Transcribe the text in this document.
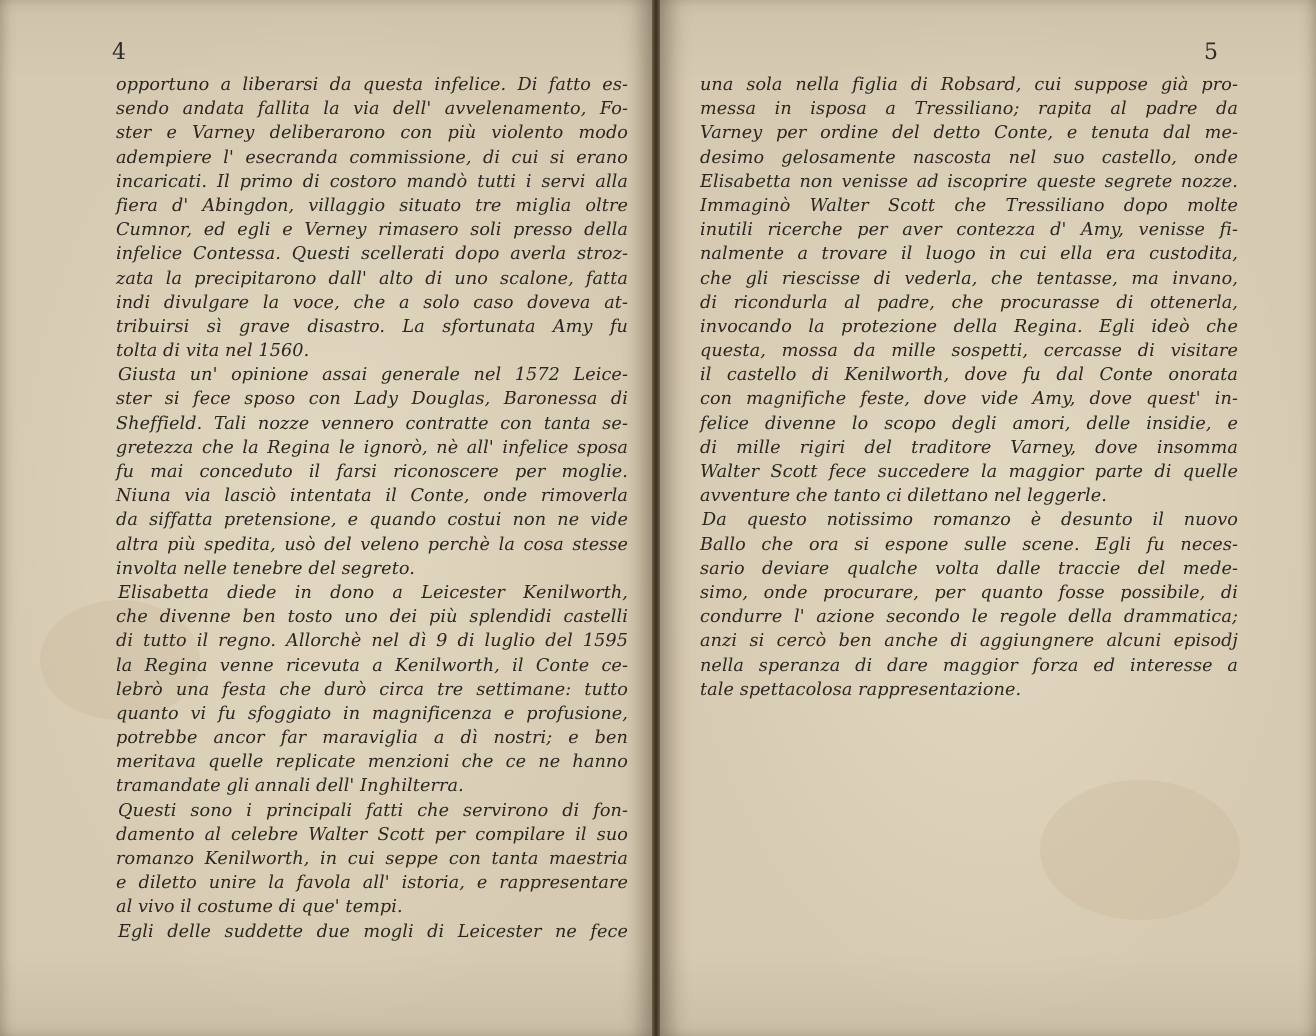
4
opportuno a liberarsi da questa infelice. Di fatto es-
sendo andata fallita la via dell' avvelenamento, Fo-
ster e Varney deliberarono con più violento modo
adempiere l' esecranda commissione, di cui si erano
incaricati. Il primo di costoro mandò tutti i servi alla
fiera d' Abingdon, villaggio situato tre miglia oltre
Cumnor, ed egli e Verney rimasero soli presso della
infelice Contessa. Questi scellerati dopo averla stroz-
zata la precipitarono dall' alto di uno scalone, fatta
indi divulgare la voce, che a solo caso doveva at-
tribuirsi sì grave disastro. La sfortunata Amy fu
tolta di vita nel 1560.
Giusta un' opinione assai generale nel 1572 Leice-
ster si fece sposo con Lady Douglas, Baronessa di
Sheffield. Tali nozze vennero contratte con tanta se-
gretezza che la Regina le ignorò, nè all' infelice sposa
fu mai conceduto il farsi riconoscere per moglie.
Niuna via lasciò intentata il Conte, onde rimoverla
da siffatta pretensione, e quando costui non ne vide
altra più spedita, usò del veleno perchè la cosa stesse
involta nelle tenebre del segreto.
Elisabetta diede in dono a Leicester Kenilworth,
che divenne ben tosto uno dei più splendidi castelli
di tutto il regno. Allorchè nel dì 9 di luglio del 1595
la Regina venne ricevuta a Kenilworth, il Conte ce-
lebrò una festa che durò circa tre settimane: tutto
quanto vi fu sfoggiato in magnificenza e profusione,
potrebbe ancor far maraviglia a dì nostri; e ben
meritava quelle replicate menzioni che ce ne hanno
tramandate gli annali dell' Inghilterra.
Questi sono i principali fatti che servirono di fon-
damento al celebre Walter Scott per compilare il suo
romanzo Kenilworth, in cui seppe con tanta maestria
e diletto unire la favola all' istoria, e rappresentare
al vivo il costume di que' tempi.
Egli delle suddette due mogli di Leicester ne fece
5
una sola nella figlia di Robsard, cui suppose già pro-
messa in isposa a Tressiliano; rapita al padre da
Varney per ordine del detto Conte, e tenuta dal me-
desimo gelosamente nascosta nel suo castello, onde
Elisabetta non venisse ad iscoprire queste segrete nozze.
Immaginò Walter Scott che Tressiliano dopo molte
inutili ricerche per aver contezza d' Amy, venisse fi-
nalmente a trovare il luogo in cui ella era custodita,
che gli riescisse di vederla, che tentasse, ma invano,
di ricondurla al padre, che procurasse di ottenerla,
invocando la protezione della Regina. Egli ideò che
questa, mossa da mille sospetti, cercasse di visitare
il castello di Kenilworth, dove fu dal Conte onorata
con magnifiche feste, dove vide Amy, dove quest' in-
felice divenne lo scopo degli amori, delle insidie, e
di mille rigiri del traditore Varney, dove insomma
Walter Scott fece succedere la maggior parte di quelle
avventure che tanto ci dilettano nel leggerle.
Da questo notissimo romanzo è desunto il nuovo
Ballo che ora si espone sulle scene. Egli fu neces-
sario deviare qualche volta dalle traccie del mede-
simo, onde procurare, per quanto fosse possibile, di
condurre l' azione secondo le regole della drammatica;
anzi si cercò ben anche di aggiungnere alcuni episodj
nella speranza di dare maggior forza ed interesse a
tale spettacolosa rappresentazione.
